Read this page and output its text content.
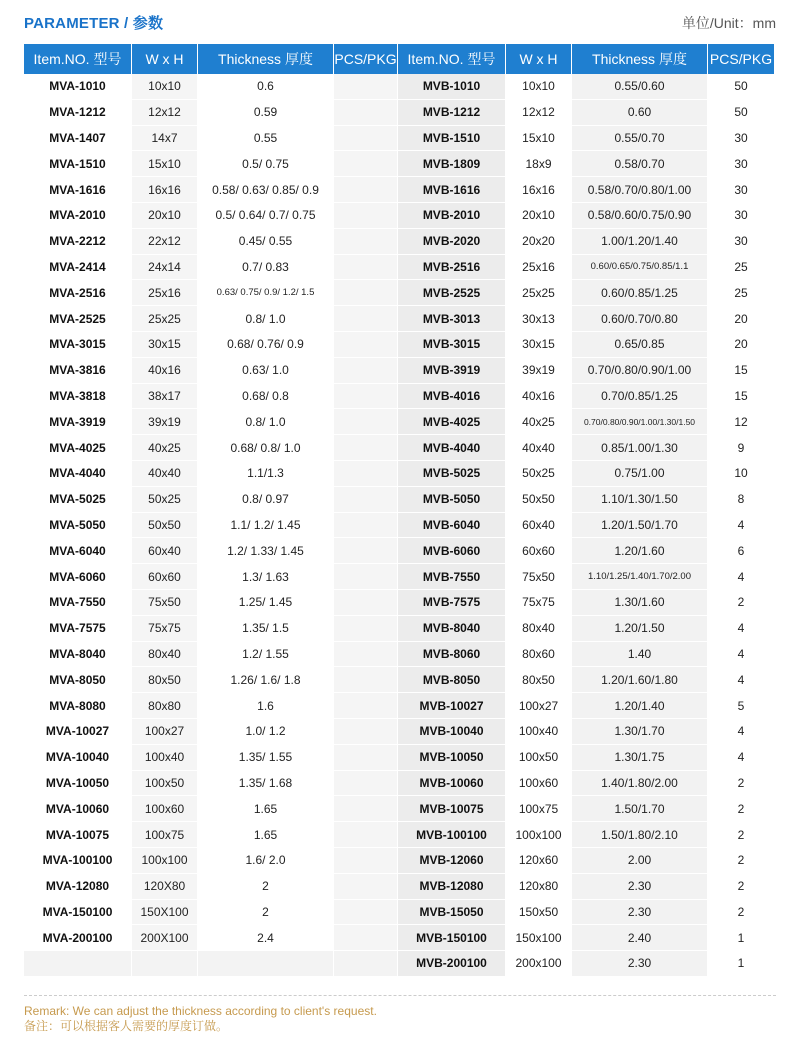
PARAMETER / 参数	单位/Unit：mm
Item.NO. 型号	W x H	Thickness 厚度	PCS/PKG	Item.NO. 型号	W x H	Thickness 厚度	PCS/PKG
MVA-1010	10x10	0.6		MVB-1010	10x10	0.55/0.60	50
MVA-1212	12x12	0.59		MVB-1212	12x12	0.60	50
MVA-1407	14x7	0.55		MVB-1510	15x10	0.55/0.70	30
MVA-1510	15x10	0.5/ 0.75		MVB-1809	18x9	0.58/0.70	30
MVA-1616	16x16	0.58/ 0.63/ 0.85/ 0.9		MVB-1616	16x16	0.58/0.70/0.80/1.00	30
MVA-2010	20x10	0.5/ 0.64/ 0.7/ 0.75		MVB-2010	20x10	0.58/0.60/0.75/0.90	30
MVA-2212	22x12	0.45/ 0.55		MVB-2020	20x20	1.00/1.20/1.40	30
MVA-2414	24x14	0.7/ 0.83		MVB-2516	25x16	0.60/0.65/0.75/0.85/1.1	25
MVA-2516	25x16	0.63/ 0.75/ 0.9/ 1.2/ 1.5		MVB-2525	25x25	0.60/0.85/1.25	25
MVA-2525	25x25	0.8/ 1.0		MVB-3013	30x13	0.60/0.70/0.80	20
MVA-3015	30x15	0.68/ 0.76/ 0.9		MVB-3015	30x15	0.65/0.85	20
MVA-3816	40x16	0.63/ 1.0		MVB-3919	39x19	0.70/0.80/0.90/1.00	15
MVA-3818	38x17	0.68/ 0.8		MVB-4016	40x16	0.70/0.85/1.25	15
MVA-3919	39x19	0.8/ 1.0		MVB-4025	40x25	0.70/0.80/0.90/1.00/1.30/1.50	12
MVA-4025	40x25	0.68/ 0.8/ 1.0		MVB-4040	40x40	0.85/1.00/1.30	9
MVA-4040	40x40	1.1/1.3		MVB-5025	50x25	0.75/1.00	10
MVA-5025	50x25	0.8/ 0.97		MVB-5050	50x50	1.10/1.30/1.50	8
MVA-5050	50x50	1.1/ 1.2/ 1.45		MVB-6040	60x40	1.20/1.50/1.70	4
MVA-6040	60x40	1.2/ 1.33/ 1.45		MVB-6060	60x60	1.20/1.60	6
MVA-6060	60x60	1.3/ 1.63		MVB-7550	75x50	1.10/1.25/1.40/1.70/2.00	4
MVA-7550	75x50	1.25/ 1.45		MVB-7575	75x75	1.30/1.60	2
MVA-7575	75x75	1.35/ 1.5		MVB-8040	80x40	1.20/1.50	4
MVA-8040	80x40	1.2/ 1.55		MVB-8060	80x60	1.40	4
MVA-8050	80x50	1.26/ 1.6/ 1.8		MVB-8050	80x50	1.20/1.60/1.80	4
MVA-8080	80x80	1.6		MVB-10027	100x27	1.20/1.40	5
MVA-10027	100x27	1.0/ 1.2		MVB-10040	100x40	1.30/1.70	4
MVA-10040	100x40	1.35/ 1.55		MVB-10050	100x50	1.30/1.75	4
MVA-10050	100x50	1.35/ 1.68		MVB-10060	100x60	1.40/1.80/2.00	2
MVA-10060	100x60	1.65		MVB-10075	100x75	1.50/1.70	2
MVA-10075	100x75	1.65		MVB-100100	100x100	1.50/1.80/2.10	2
MVA-100100	100x100	1.6/ 2.0		MVB-12060	120x60	2.00	2
MVA-12080	120X80	2		MVB-12080	120x80	2.30	2
MVA-150100	150X100	2		MVB-15050	150x50	2.30	2
MVA-200100	200X100	2.4		MVB-150100	150x100	2.40	1
				MVB-200100	200x100	2.30	1
Remark: We can adjust the thickness according to client's request.
备注：可以根据客人需要的厚度订做。
